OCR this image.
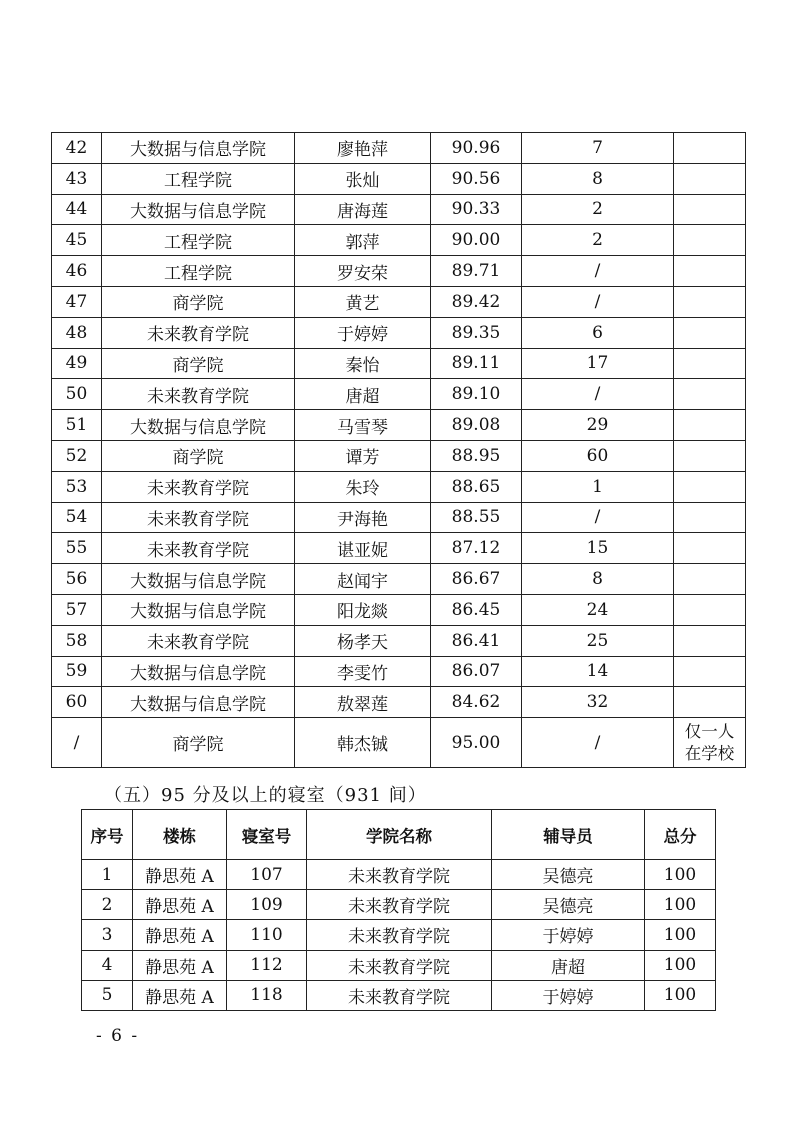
42	大数据与信息学院	廖艳萍	90.96	7	
43	工程学院	张灿	90.56	8	
44	大数据与信息学院	唐海莲	90.33	2	
45	工程学院	郭萍	90.00	2	
46	工程学院	罗安荣	89.71	/	
47	商学院	黄艺	89.42	/	
48	未来教育学院	于婷婷	89.35	6	
49	商学院	秦怡	89.11	17	
50	未来教育学院	唐超	89.10	/	
51	大数据与信息学院	马雪琴	89.08	29	
52	商学院	谭芳	88.95	60	
53	未来教育学院	朱玲	88.65	1	
54	未来教育学院	尹海艳	88.55	/	
55	未来教育学院	谌亚妮	87.12	15	
56	大数据与信息学院	赵闻宇	86.67	8	
57	大数据与信息学院	阳龙燚	86.45	24	
58	未来教育学院	杨孝天	86.41	25	
59	大数据与信息学院	李雯竹	86.07	14	
60	大数据与信息学院	敖翠莲	84.62	32	
/	商学院	韩杰铖	95.00	/	仅一人
在学校
（五）95 分及以上的寝室（931 间）
序号	楼栋	寝室号	学院名称	辅导员	总分
1	静思苑 A	107	未来教育学院	吴德亮	100
2	静思苑 A	109	未来教育学院	吴德亮	100
3	静思苑 A	110	未来教育学院	于婷婷	100
4	静思苑 A	112	未来教育学院	唐超	100
5	静思苑 A	118	未来教育学院	于婷婷	100
- 6 -
